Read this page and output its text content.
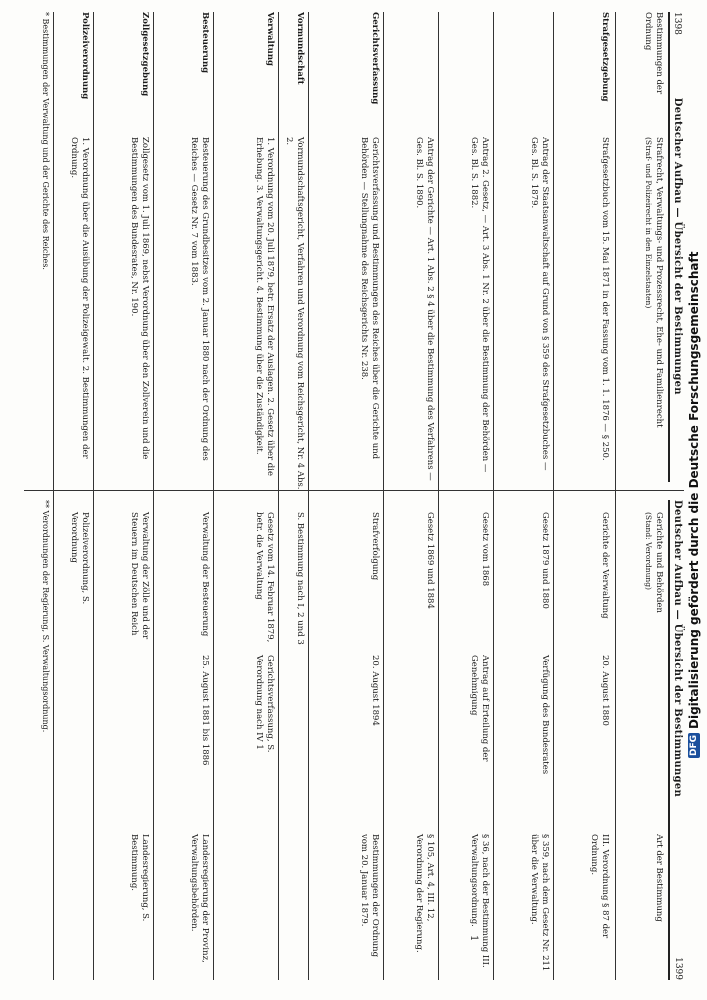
1398 Deutscher Aufbau — Übersicht der Bestimmungen
Deutscher Aufbau — Übersicht der Bestimmungen
1399
Bestimmungen der Ordnung
Strafrecht, Verwaltungs- und Prozessrecht, Ehe- und Familienrecht
(Straf- und Polizeirecht in den Einzelstaaten)
Gerichte und Behörden
(Stand: Verordnung)
Art der Bestimmung
Strafgesetzgebung
Strafgesetzbuch vom 15. Mai 1871 in der Fassung vom 1. 1. 1876 — § 250.
Gerichte der Verwaltung20. August 1880
III. Verordnung § 87 der Ordnung.
Antrag der Staatsanwaltschaft auf Grund von § 359 des Strafgesetzbuches — Ges. Bl. S. 1879.
Gesetz 1879 und 1880Verfügung des Bundesrates
§ 359, nach dem Gesetz Nr. 211 über die Verwaltung.
Antrag 2. Gesetz, — Art. 3 Abs. 1 Nr. 2 über die Bestimmung der Behörden — Ges. Bl. S. 1882.
Gesetz vom 1868Antrag auf Erteilung der Genehmigung
§ 36, nach der Bestimmung III. Verwaltungsordnung.
Antrag der Gerichte — Art. 1 Abs. 2 § 4 über die Bestimmung des Verfahrens — Ges. Bl. S. 1890.
Gesetz 1869 und 1884
§ 105, Art. 4, III. 12, Verordnung der Regierung.
Gerichtsverfassung
Gerichtsverfassung und Bestimmungen des Reiches über die Gerichte und Behörden — Stellungnahme des Reichsgerichts Nr. 238.
Strafverfolgung20. August 1894
Bestimmungen der Ordnung vom 20. Januar 1879.
Vormundschaft
Vormundschaftsgericht, Verfahren und Verordnung vom Reichsgericht, Nr. 4 Abs. 2.
S. Bestimmung nach I, 2 und 3
Verwaltung
1. Verordnung vom 20. Juli 1879, betr. Ersatz der Auslagen. 2. Gesetz über die Erhebung. 3. Verwaltungsgericht. 4. Bestimmung über die Zuständigkeit.
Gesetz vom 14. Februar 1879, betr. die VerwaltungGerichtsverfassung, S. Verordnung nach IV 1
Besteuerung
Besteuerung des Grundbesitzes vom 2. Januar 1880 nach der Ordnung des Reiches — Gesetz Nr. 7 vom 1883.
Verwaltung der Besteuerung25. August 1881 bis 1886
Landesregierung der Provinz, Verwaltungsbehörden.
Zollgesetzgebung
Zollgesetz vom 1. Juli 1869, nebst Verordnung über den Zollverein und die Bestimmungen des Bundesrates, Nr. 190.
Verwaltung der Zölle und der Steuern im Deutschen Reich
Landesregierung, S. Bestimmung.
Polizeiverordnung
1. Verordnung über die Ausübung der Polizeigewalt. 2. Bestimmungen der Ordnung.
Polizeiverordnung, S. Verordnung
* Bestimmungen der Verwaltung und der Gerichte des Reiches.
** Verordnungen der Regierung, S. Verwaltungsordnung.
1
DFG
Digitalisierung gefördert durch die Deutsche Forschungsgemeinschaft
